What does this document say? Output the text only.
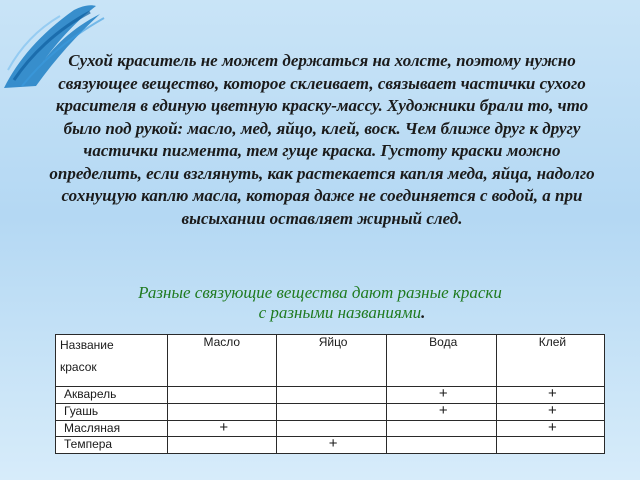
Сухой краситель не может держаться на холсте, поэтому нужно связующее вещество, которое склеивает, связывает частички сухого красителя в единую цветную краску-массу. Художники брали то, что было под рукой: масло, мед, яйцо, клей, воск. Чем ближе друг к другу частички пигмента, тем гуще краска. Густоту краски можно определить, если взглянуть, как растекается капля меда, яйца, надолго сохнущую каплю масла, которая даже не соединяется с водой, а при высыхании оставляет жирный след.

Разные связующие вещества дают разные краски
с разными названиями.
Название
красок	Масло	Яйцо	Вода	Клей
Акварель			+	+
Гуашь			+	+
Масляная	+			+
Темпера		+		
